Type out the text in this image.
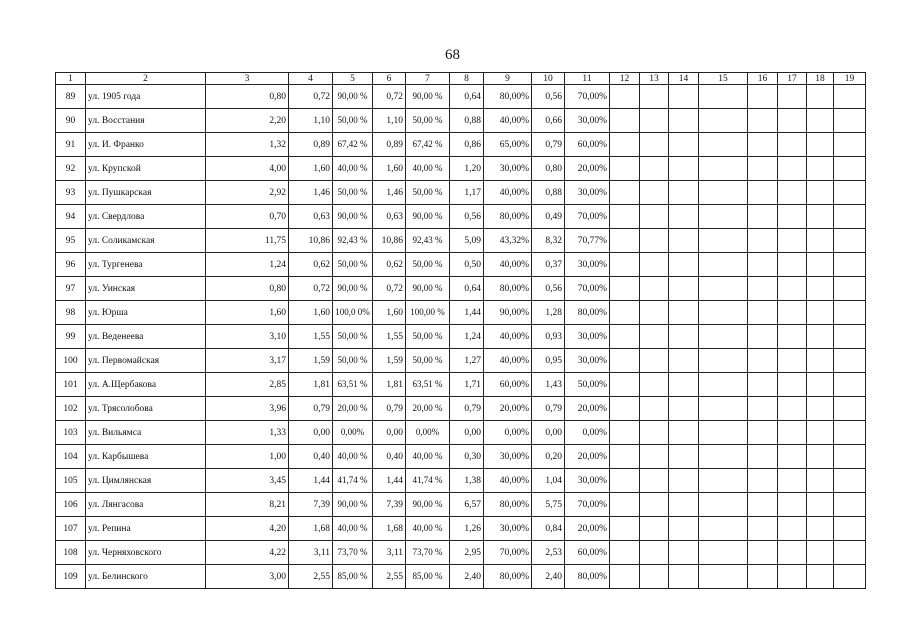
68
1	2	3	4	5	6	7	8	9	10	11	12	13	14	15	16	17	18	19
89	ул. 1905 года	0,80	0,72	90,00 %	0,72	90,00 %	0,64	80,00%	0,56	70,00%								
90	ул. Восстания	2,20	1,10	50,00 %	1,10	50,00 %	0,88	40,00%	0,66	30,00%								
91	ул. И. Франко	1,32	0,89	67,42 %	0,89	67,42 %	0,86	65,00%	0,79	60,00%								
92	ул. Крупской	4,00	1,60	40,00 %	1,60	40,00 %	1,20	30,00%	0,80	20,00%								
93	ул. Пушкарская	2,92	1,46	50,00 %	1,46	50,00 %	1,17	40,00%	0,88	30,00%								
94	ул. Свердлова	0,70	0,63	90,00 %	0,63	90,00 %	0,56	80,00%	0,49	70,00%								
95	ул. Соликамская	11,75	10,86	92,43 %	10,86	92,43 %	5,09	43,32%	8,32	70,77%								
96	ул. Тургенева	1,24	0,62	50,00 %	0,62	50,00 %	0,50	40,00%	0,37	30,00%								
97	ул. Уинская	0,80	0,72	90,00 %	0,72	90,00 %	0,64	80,00%	0,56	70,00%								
98	ул. Юрша	1,60	1,60	100,0 0%	1,60	100,00 %	1,44	90,00%	1,28	80,00%								
99	ул. Веденеева	3,10	1,55	50,00 %	1,55	50,00 %	1,24	40,00%	0,93	30,00%								
100	ул. Первомайская	3,17	1,59	50,00 %	1,59	50,00 %	1,27	40,00%	0,95	30,00%								
101	ул. А.Щербакова	2,85	1,81	63,51 %	1,81	63,51 %	1,71	60,00%	1,43	50,00%								
102	ул. Трясолобова	3,96	0,79	20,00 %	0,79	20,00 %	0,79	20,00%	0,79	20,00%								
103	ул. Вильямса	1,33	0,00	0,00%	0,00	0,00%	0,00	0,00%	0,00	0,00%								
104	ул. Карбышева	1,00	0,40	40,00 %	0,40	40,00 %	0,30	30,00%	0,20	20,00%								
105	ул. Цимлянская	3,45	1,44	41,74 %	1,44	41,74 %	1,38	40,00%	1,04	30,00%								
106	ул. Лянгасова	8,21	7,39	90,00 %	7,39	90,00 %	6,57	80,00%	5,75	70,00%								
107	ул. Репина	4,20	1,68	40,00 %	1,68	40,00 %	1,26	30,00%	0,84	20,00%								
108	ул. Черняховского	4,22	3,11	73,70 %	3,11	73,70 %	2,95	70,00%	2,53	60,00%								
109	ул. Белинского	3,00	2,55	85,00 %	2,55	85,00 %	2,40	80,00%	2,40	80,00%								
